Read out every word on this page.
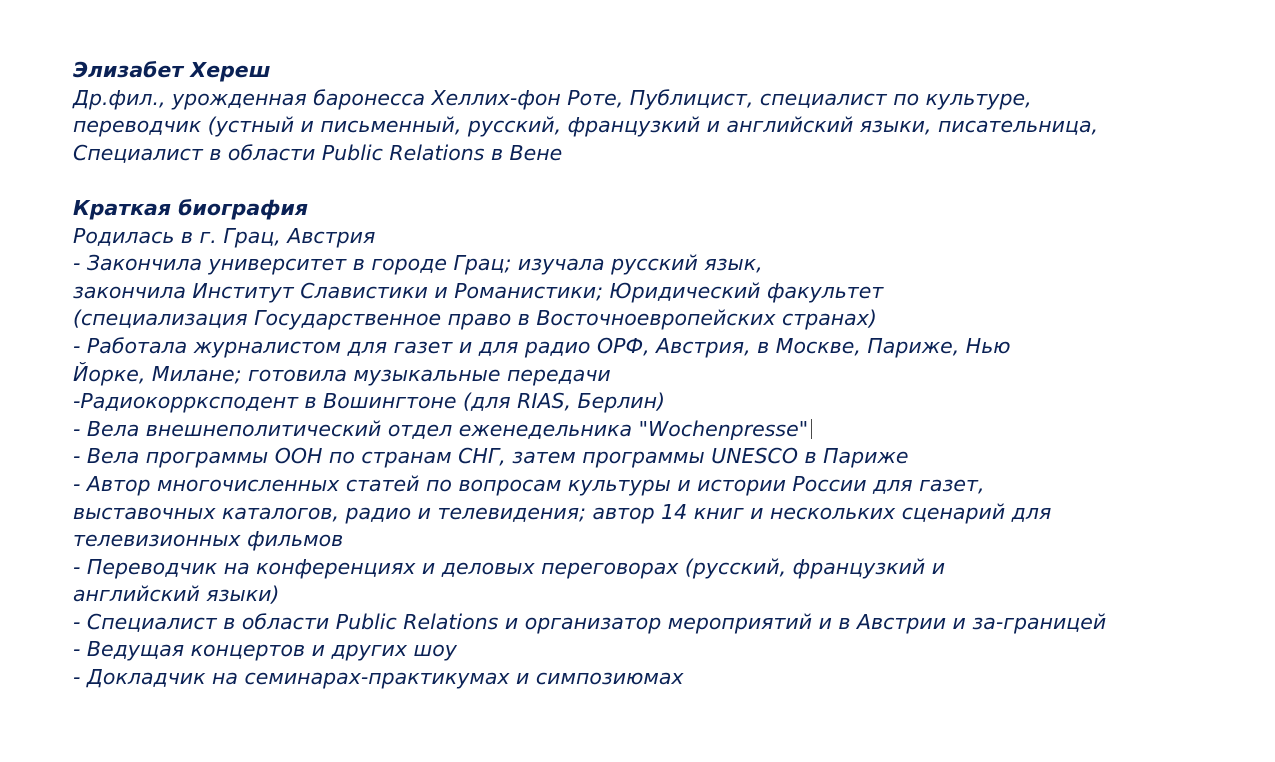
Элизабет Хереш
Др.фил., урожденная баронесса Хеллих-фон Роте, Публицист, специалист по культуре,
переводчик (устный и письменный, русский, французкий и английский языки, писательница,
Специалист в области Public Relations в Вене
Краткая биография
Родилась в г. Грац, Австрия
- Закончила университет в городе Грац; изучала русский язык,
закончила Институт Славистики и Романистики; Юридический факультет
(специализация Государственное право в Восточноевропейских странах)
- Работала журналистом для газет и для радио ОРФ, Австрия, в Москве, Париже, Нью
Йорке, Милане; готовила музыкальные передачи
-Радиокоррксподент в Вошингтоне (для RIAS, Берлин)
- Вела внешнеполитический отдел еженедельника "Wochenpresse"
- Вела программы ООН по странам СНГ, затем программы UNESCO в Париже
- Автор многочисленных статей по вопросам культуры и истории России для газет,
выставочных каталогов, радио и телевидения; автор 14 книг и нескольких сценарий для
телевизионных фильмов
- Переводчик на конференциях и деловых переговорах (русский, французкий и
английский языки)
- Специалист в области Public Relations и организатор мероприятий и в Австрии и за-границей
- Ведущая концертов и других шоу
- Докладчик на семинарах-практикумах и симпозиюмах
